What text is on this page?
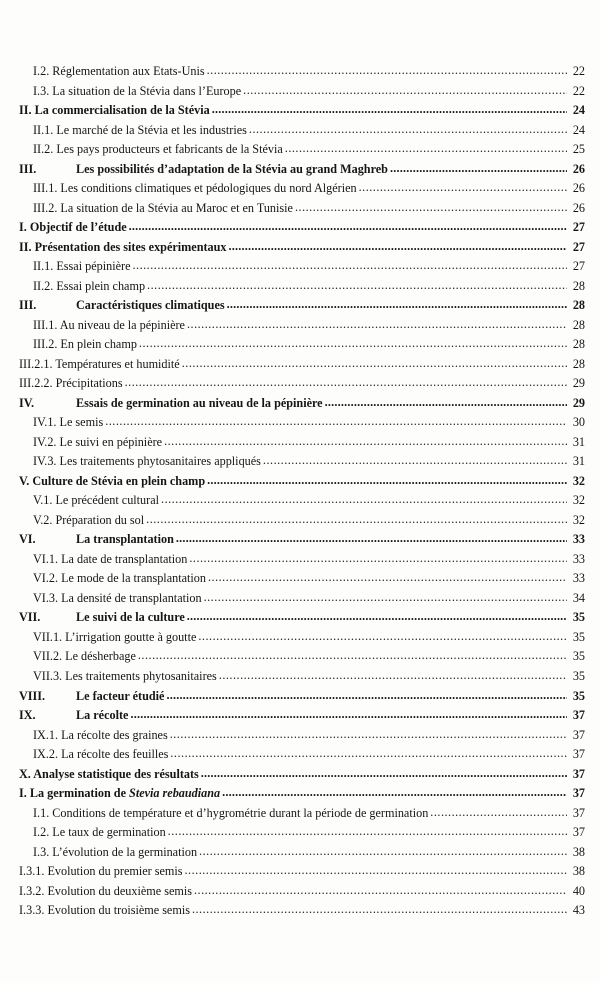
I.2. Réglementation aux Etats-Unis .....	22
I.3. La situation de la Stévia dans l’Europe .....	22
II. La commercialisation de la Stévia .....	24
II.1. Le marché de la Stévia et les industries .....	24
II.2. Les pays producteurs et fabricants de la Stévia .....	25
III.	Les possibilités d’adaptation de la Stévia au grand Maghreb .....	26
III.1. Les conditions climatiques et pédologiques du nord Algérien .....	26
III.2. La situation de la Stévia au Maroc et en Tunisie .....	26
I. Objectif de l’étude .....	27
II. Présentation des sites expérimentaux .....	27
II.1. Essai pépinière .....	27
II.2. Essai plein champ .....	28
III.	Caractéristiques climatiques .....	28
III.1. Au niveau de la pépinière .....	28
III.2. En plein champ .....	28
III.2.1. Températures et humidité .....	28
III.2.2. Précipitations .....	29
IV.	Essais de germination au niveau de la pépinière .....	29
IV.1. Le semis .....	30
IV.2. Le suivi en pépinière .....	31
IV.3. Les traitements phytosanitaires appliqués .....	31
V. Culture de Stévia en plein champ .....	32
V.1. Le précédent cultural .....	32
V.2. Préparation du sol .....	32
VI.	La transplantation .....	33
VI.1. La date de transplantation .....	33
VI.2. Le mode de la transplantation .....	33
VI.3. La densité de transplantation .....	34
VII.	Le suivi de la culture .....	35
VII.1. L’irrigation goutte à goutte .....	35
VII.2. Le désherbage .....	35
VII.3. Les traitements phytosanitaires .....	35
VIII.	Le facteur étudié .....	35
IX.	La récolte .....	37
IX.1. La récolte des graines .....	37
IX.2. La récolte des feuilles .....	37
X. Analyse statistique des résultats .....	37
I. La germination de Stevia rebaudiana .....	37
I.1. Conditions de température et d’hygrométrie durant la période de germination .....	37
I.2. Le taux de germination .....	37
I.3. L’évolution de la germination .....	38
I.3.1. Evolution du premier semis .....	38
I.3.2. Evolution du deuxième semis .....	40
I.3.3. Evolution du troisième semis .....	43
